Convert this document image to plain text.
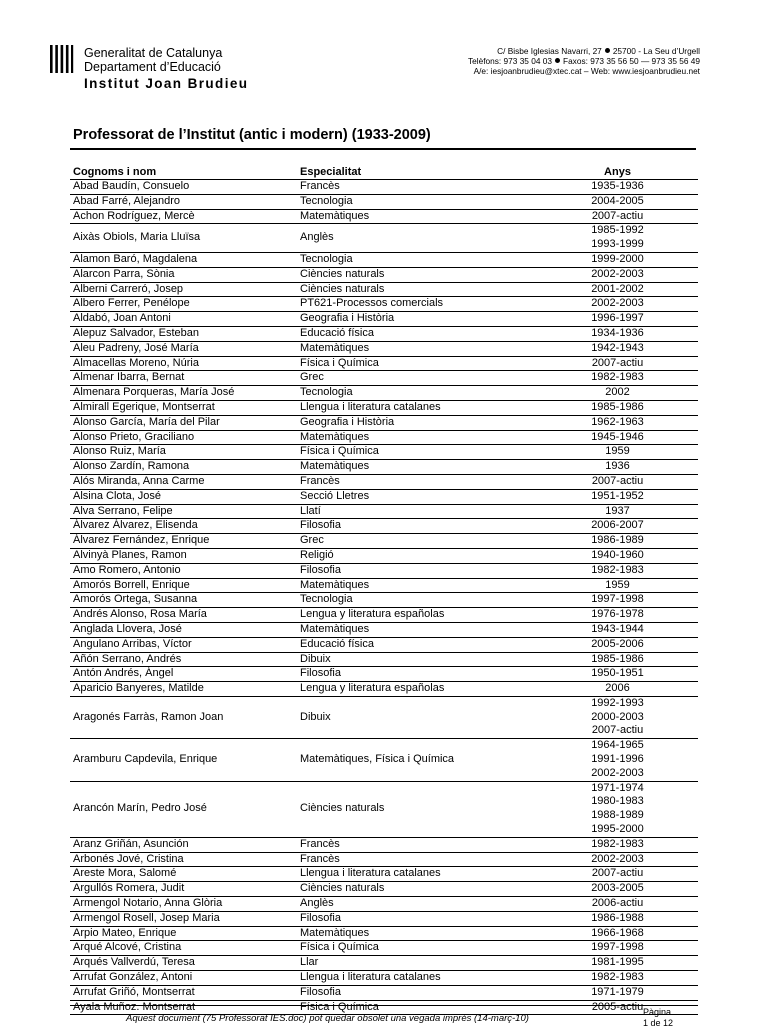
Generalitat de Catalunya
Departament d’Educació
Institut Joan Brudieu
C/ Bisbe Iglesias Navarri, 27 25700 - La Seu d’Urgell
Telèfons: 973 35 04 03 Faxos: 973 35 56 50 — 973 35 56 49
A/e: iesjoanbrudieu@xtec.cat – Web: www.iesjoanbrudieu.net
Professorat de l’Institut (antic i modern) (1933-2009)
Cognoms i nom	Especialitat	Anys
Abad Baudín, Consuelo	Francès	1935-1936

Abad Farré, Alejandro	Tecnologia	2004-2005

Achon Rodríguez, Mercè	Matemàtiques	2007-actiu

Aixàs Obiols, Maria Lluïsa	Anglès	1985-1992
1993-1999

Alamon Baró, Magdalena	Tecnologia	1999-2000

Alarcon Parra, Sònia	Ciències naturals	2002-2003

Alberni Carreró, Josep	Ciències naturals	2001-2002

Albero Ferrer, Penélope	PT621-Processos comercials	2002-2003

Aldabó, Joan Antoni	Geografia i Història	1996-1997

Alepuz Salvador, Esteban	Educació física	1934-1936

Aleu Padreny, José María	Matemàtiques	1942-1943

Almacellas Moreno, Núria	Física i Química	2007-actiu

Almenar Ibarra, Bernat	Grec	1982-1983

Almenara Porqueras, María José	Tecnologia	2002

Almirall Egerique, Montserrat	Llengua i literatura catalanes	1985-1986

Alonso García, María del Pilar	Geografia i Història	1962-1963

Alonso Prieto, Graciliano	Matemàtiques	1945-1946

Alonso Ruiz, María	Física i Química	1959

Alonso Zardín, Ramona	Matemàtiques	1936

Alós Miranda, Anna Carme	Francès	2007-actiu

Alsina Clota, José	Secció Lletres	1951-1952

Alva Serrano, Felipe	Llatí	1937

Álvarez Álvarez, Elisenda	Filosofia	2006-2007

Álvarez Fernández, Enrique	Grec	1986-1989

Alvinyà Planes, Ramon	Religió	1940-1960

Amo Romero, Antonio	Filosofia	1982-1983

Amorós Borrell, Enrique	Matemàtiques	1959

Amorós Ortega, Susanna	Tecnologia	1997-1998

Andrés Alonso, Rosa María	Lengua y literatura españolas	1976-1978

Anglada Llovera, José	Matemàtiques	1943-1944

Angulano Arribas, Víctor	Educació física	2005-2006

Añón Serrano, Andrés	Dibuix	1985-1986

Antón Andrés, Ángel	Filosofia	1950-1951

Aparicio Banyeres, Matilde	Lengua y literatura españolas	2006

Aragonés Farràs, Ramon Joan	Dibuix	1992-1993
2000-2003
2007-actiu

Aramburu Capdevila, Enrique	Matemàtiques, Física i Química	1964-1965
1991-1996
2002-2003

Arancón Marín, Pedro José	Ciències naturals	1971-1974
1980-1983
1988-1989
1995-2000

Aranz Griñán, Asunción	Francès	1982-1983

Arbonés Jové, Cristina	Francès	2002-2003

Areste Mora, Salomé	Llengua i literatura catalanes	2007-actiu

Argullós Romera, Judit	Ciències naturals	2003-2005

Armengol Notario, Anna Glòria	Anglès	2006-actiu

Armengol Rosell, Josep Maria	Filosofia	1986-1988

Arpio Mateo, Enrique	Matemàtiques	1966-1968

Arqué Alcové, Cristina	Física i Química	1997-1998

Arqués Vallverdú, Teresa	Llar	1981-1995

Arrufat González, Antoni	Llengua i literatura catalanes	1982-1983

Arrufat Griñó, Montserrat	Filosofia	1971-1979

Ayala Muñoz. Montserrat	Física i Química	2005-actiu
Aquest document (75 Professorat IES.doc) pot quedar obsolet una vegada imprès (14-març-10)
Pàgina
1 de 12
